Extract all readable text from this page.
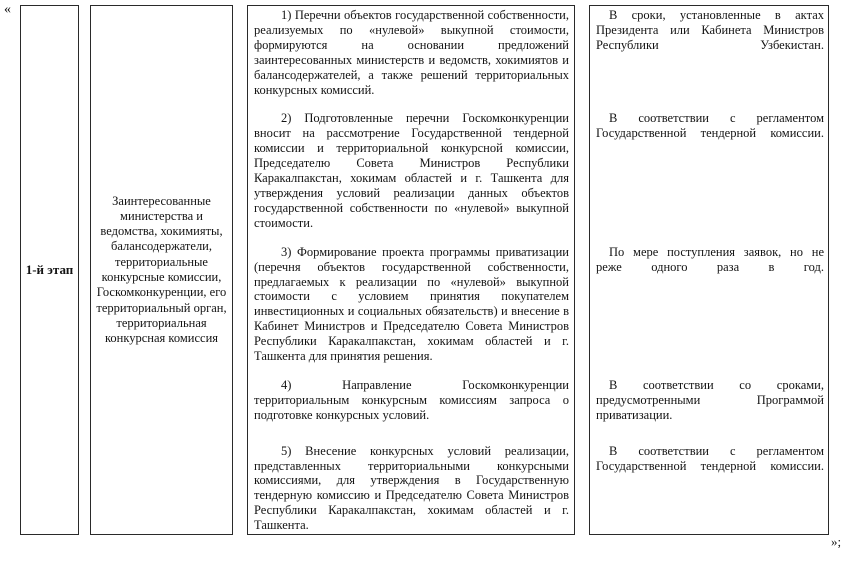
«
1-й этап
Заинтересованные министерства и ведомства, хокимияты, балансодержатели, территориальные конкурсные комиссии, Госкомконкуренции, его территориальный орган, территориальная конкурсная комиссия
1) Перечни объектов государственной собственности, реализуемых по «нулевой» выкупной стоимости, формируются на основании предложений заинтересованных министерств и ведомств, хокимиятов и балансодержателей, а также решений территориальных конкурсных комиссий.
В сроки, установленные в актах Президента или Кабинета Министров Республики Узбекистан.
2) Подготовленные перечни Госкомконкуренции вносит на рассмотрение Государственной тендерной комиссии и территориальной конкурсной комиссии, Председателю Совета Министров Республики Каракалпакстан, хокимам областей и г. Ташкента для утверждения условий реализации данных объектов государственной собственности по «нулевой» выкупной стоимости.
В соответствии с регламентом Государственной тендерной комиссии.
3) Формирование проекта программы приватизации (перечня объектов государственной собственности, предлагаемых к реализации по «нулевой» выкупной стоимости с условием принятия покупателем инвестиционных и социальных обязательств) и внесение в Кабинет Министров и Председателю Совета Министров Республики Каракалпакстан, хокимам областей и г. Ташкента для принятия решения.
По мере поступления заявок, но не реже одного раза в год.
4) Направление Госкомконкуренции территориальным конкурсным комиссиям запроса о подготовке конкурсных условий.
В соответствии со сроками, предусмотренными Программой приватизации.
5) Внесение конкурсных условий реализации, представленных территориальными конкурсными комиссиями, для утверждения в Государственную тендерную комиссию и Председателю Совета Министров Республики Каракалпакстан, хокимам областей и г. Ташкента.
В соответствии с регламентом Государственной тендерной комиссии.
»;
